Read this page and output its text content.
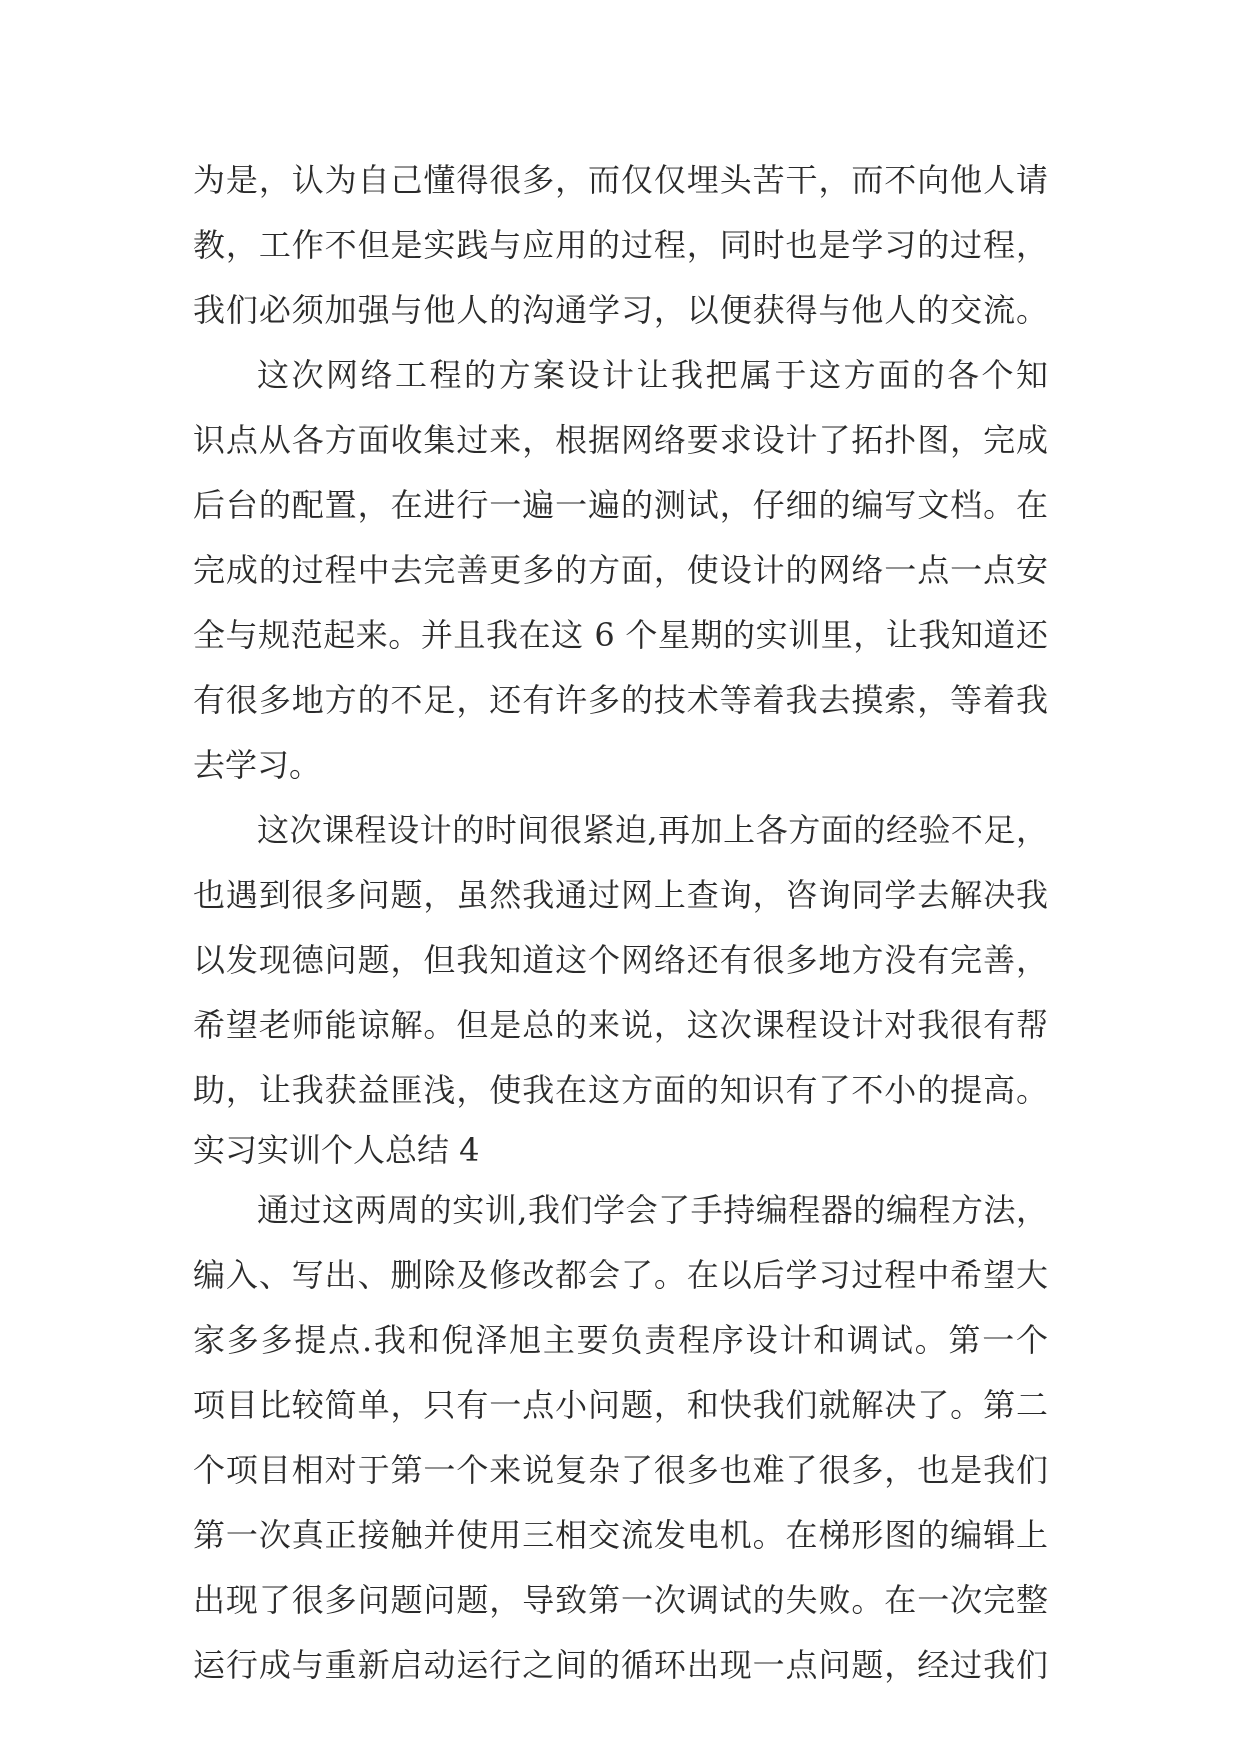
为是，认为自己懂得很多，而仅仅埋头苦干，而不向他人请
教，工作不但是实践与应用的过程，同时也是学习的过程，
我们必须加强与他人的沟通学习，以便获得与他人的交流。
这次网络工程的方案设计让我把属于这方面的各个知
识点从各方面收集过来，根据网络要求设计了拓扑图，完成
后台的配置，在进行一遍一遍的测试，仔细的编写文档。在
完成的过程中去完善更多的方面，使设计的网络一点一点安
全与规范起来。并且我在这 6 个星期的实训里，让我知道还
有很多地方的不足，还有许多的技术等着我去摸索，等着我
去学习。
这次课程设计的时间很紧迫,再加上各方面的经验不足，
也遇到很多问题，虽然我通过网上查询，咨询同学去解决我
以发现德问题，但我知道这个网络还有很多地方没有完善，
希望老师能谅解。但是总的来说，这次课程设计对我很有帮
助，让我获益匪浅，使我在这方面的知识有了不小的提高。
实习实训个人总结 4
通过这两周的实训,我们学会了手持编程器的编程方法，
编入、写出、删除及修改都会了。在以后学习过程中希望大
家多多提点.我和倪泽旭主要负责程序设计和调试。第一个
项目比较简单，只有一点小问题，和快我们就解决了。第二
个项目相对于第一个来说复杂了很多也难了很多，也是我们
第一次真正接触并使用三相交流发电机。在梯形图的编辑上
出现了很多问题问题，导致第一次调试的失败。在一次完整
运行成与重新启动运行之间的循环出现一点问题，经过我们
